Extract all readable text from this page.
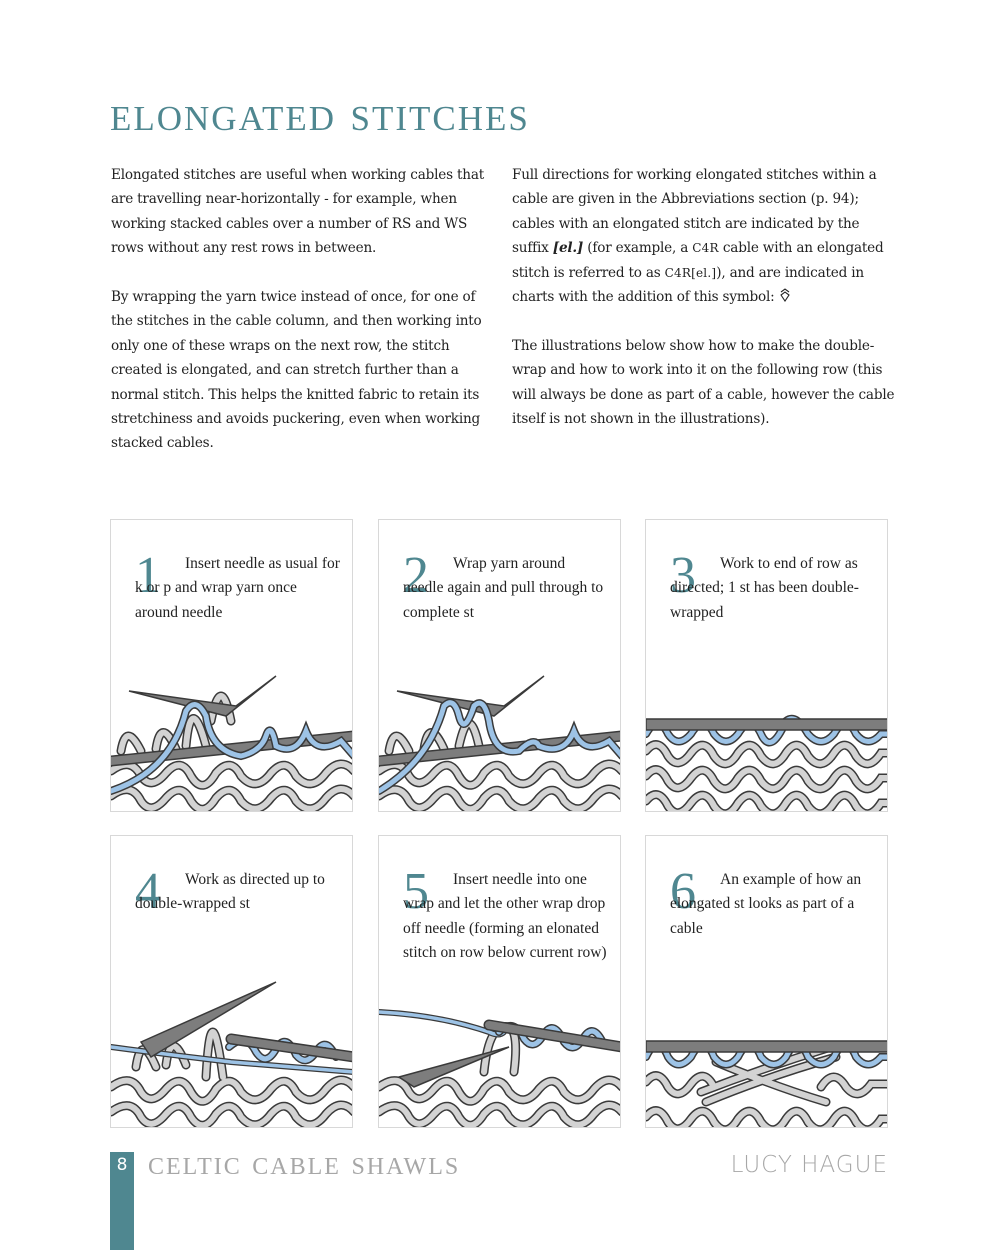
elongated stitches

Elongated stitches are useful when working cables that are travelling near-horizontally - for example, when working stacked cables over a number of RS and WS rows without any rest rows in between.

By wrapping the yarn twice instead of once, for one of the stitches in the cable column, and then working into only one of these wraps on the next row, the stitch created is elongated, and can stretch further than a normal stitch. This helps the knitted fabric to retain its stretchiness and avoids puckering, even when working stacked cables.

Full directions for working elongated stitches within a cable are given in the Abbreviations section (p. 94); cables with an elongated stitch are indicated by the suffix [el.] (for example, a C4R cable with an elongated stitch is referred to as C4R[el.]), and are indicated in charts with the addition of this symbol:

The illustrations below show how to make the double-wrap and how to work into it on the following row (this will always be done as part of a cable, however the cable itself is not shown in the illustrations).

1	Insert needle as usual for k or p and wrap yarn once around needle
2	Wrap yarn around needle again and pull through to complete st
3	Work to end of row as directed; 1 st has been double-wrapped
4	Work as directed up to double-wrapped st	5	Insert needle into one wrap and let the other wrap drop off needle (forming an elonated stitch on row below current row)
6	An example of how an elongated st looks as part of a cable
8 celtic cable shawls	LUCY HAGUE
